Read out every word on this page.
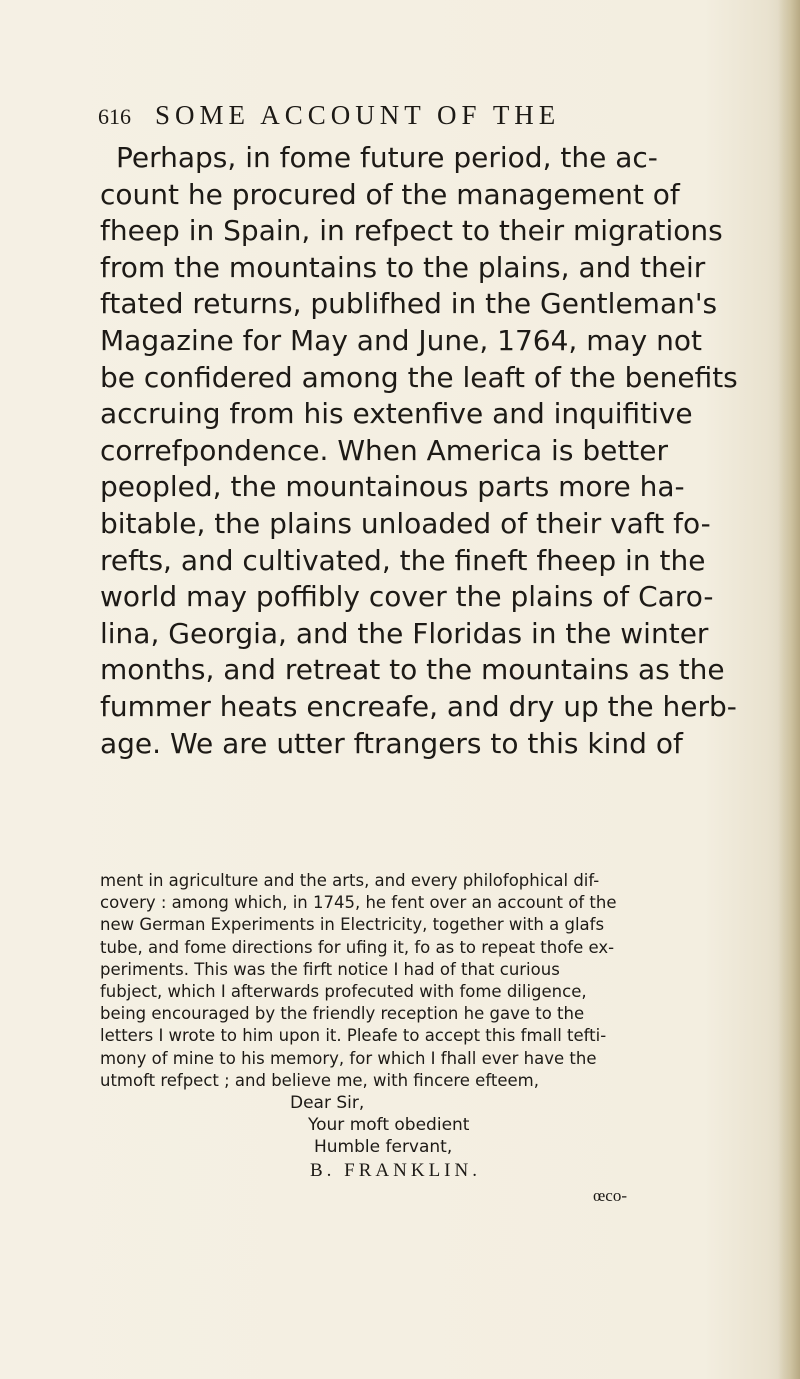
616 SOME ACCOUNT OF THE
Perhaps, in fome future period, the ac-
count he procured of the management of
fheep in Spain, in refpect to their migrations
from the mountains to the plains, and their
ftated returns, publifhed in the Gentleman's
Magazine for May and June, 1764, may not
be confidered among the leaft of the benefits
accruing from his extenfive and inquifitive
correfpondence. When America is better
peopled, the mountainous parts more ha-
bitable, the plains unloaded of their vaft fo-
refts, and cultivated, the fineft fheep in the
world may poffibly cover the plains of Caro-
lina, Georgia, and the Floridas in the winter
months, and retreat to the mountains as the
fummer heats encreafe, and dry up the herb-
age. We are utter ftrangers to this kind of
ment in agriculture and the arts, and every philofophical dif-
covery : among which, in 1745, he fent over an account of the
new German Experiments in Electricity, together with a glafs
tube, and fome directions for ufing it, fo as to repeat thofe ex-
periments. This was the firft notice I had of that curious
fubject, which I afterwards profecuted with fome diligence,
being encouraged by the friendly reception he gave to the
letters I wrote to him upon it. Pleafe to accept this fmall tefti-
mony of mine to his memory, for which I fhall ever have the
utmoft refpect ; and believe me, with fincere efteem,
Dear Sir,
Your moft obedient
Humble fervant,
B. FRANKLIN.
œco-
